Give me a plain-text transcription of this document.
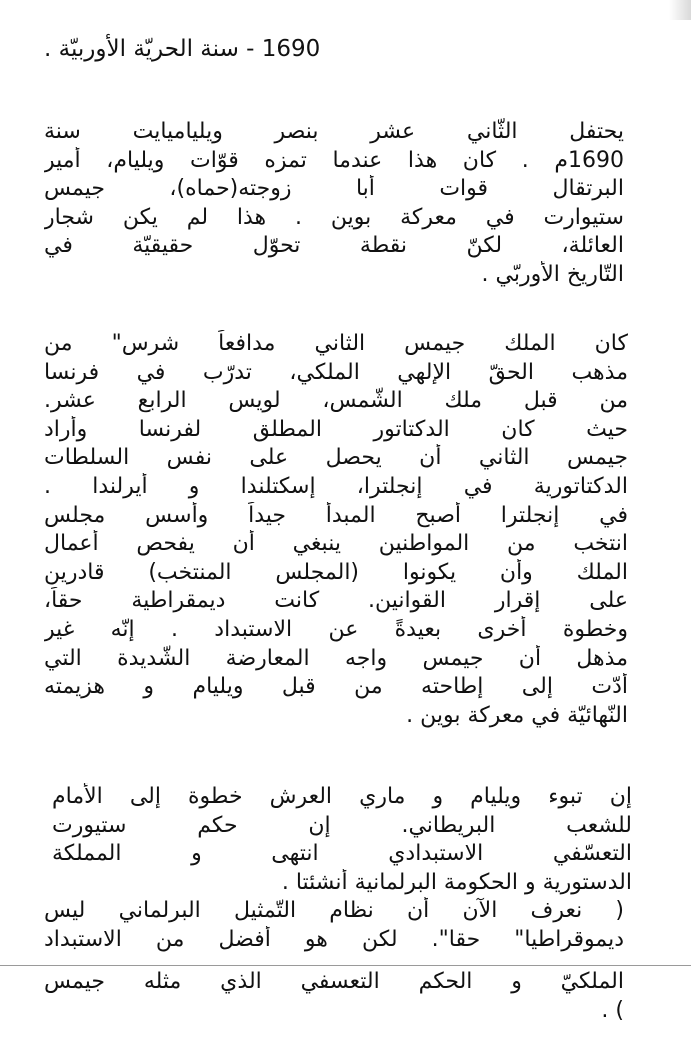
1690 - سنة الحريّة الأوربيّة .
يحتفل الثّاني عشر بنصر ويلياميايت سنة
1690م . كان هذا عندما تمزه قوّات ويليام، أمير
البرتقال قوات أبا زوجته(حماه)، جيمس
ستيوارت في معركة بوين . هذا لم يكن شجار
العائلة، لكنّ نقطة تحوّل حقيقيّة في
التّاريخ الأوربّي .
كان الملك جيمس الثاني مدافعاً شرس" من
مذهب الحقّ الإلهي الملكي، تدرّب في فرنسا
من قبل ملك الشّمس، لويس الرابع عشر.
حيث كان الدكتاتور المطلق لفرنسا وأراد
جيمس الثاني أن يحصل على نفس السلطات
الدكتاتورية في إنجلترا، إسكتلندا و أيرلندا .
في إنجلترا أصبح المبدأ جيداً وأسس مجلس
انتخب من المواطنين ينبغي أن يفحص أعمال
الملك وأن يكونوا (المجلس المنتخب) قادرين
على إقرار القوانين. كانت ديمقراطية حقاً،
وخطوة أخرى بعيدةً عن الاستبداد . إنّه غير
مذهل أن جيمس واجه المعارضة الشّديدة التي
أدّت إلى إطاحته من قبل ويليام و هزيمته
النّهائيّة في معركة بوين .
إن تبوء ويليام و ماري العرش خطوة إلى الأمام
للشعب البريطاني. إن حكم ستيورت
التعسّفي الاستبدادي انتهى و المملكة
الدستورية و الحكومة البرلمانية أنشئتا .
( نعرف الآن أن نظام التّمثيل البرلماني ليس
ديموقراطيا" حقا". لكن هو أفضل من الاستبداد
الملكيّ و الحكم التعسفي الذي مثله جيمس
) .
